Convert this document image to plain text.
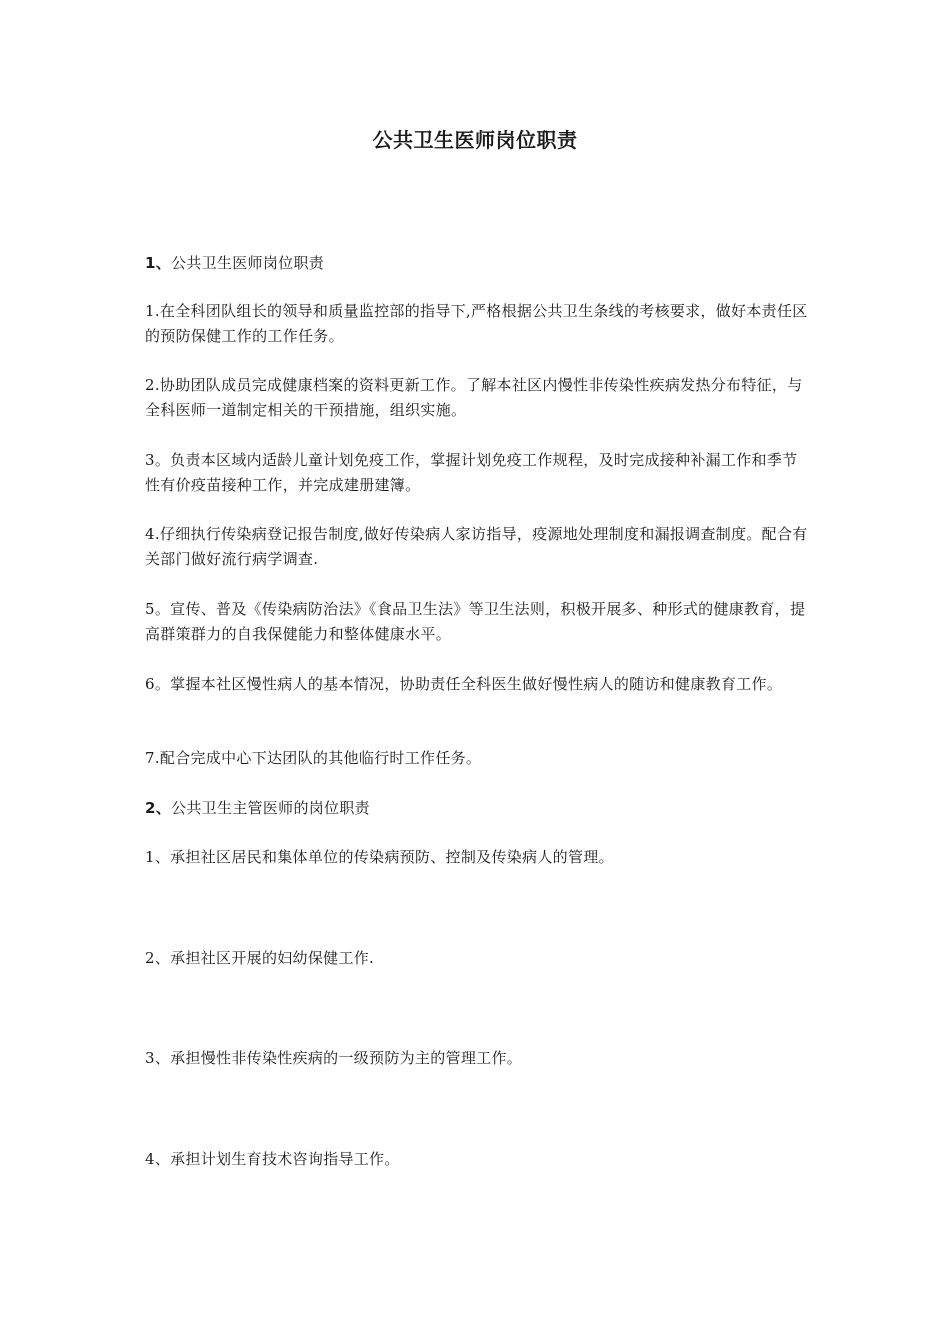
公共卫生医师岗位职责
1、公共卫生医师岗位职责
1.在全科团队组长的领导和质量监控部的指导下,严格根据公共卫生条线的考核要求，做好本责任区的预防保健工作的工作任务。
2.协助团队成员完成健康档案的资料更新工作。了解本社区内慢性非传染性疾病发热分布特征，与全科医师一道制定相关的干预措施，组织实施。
3。负责本区域内适龄儿童计划免疫工作，掌握计划免疫工作规程，及时完成接种补漏工作和季节性有价疫苗接种工作，并完成建册建簿。
4.仔细执行传染病登记报告制度,做好传染病人家访指导，疫源地处理制度和漏报调查制度。配合有关部门做好流行病学调查.
5。宣传、普及《传染病防治法》《食品卫生法》等卫生法则，积极开展多、种形式的健康教育，提高群策群力的自我保健能力和整体健康水平。
6。掌握本社区慢性病人的基本情况，协助责任全科医生做好慢性病人的随访和健康教育工作。
7.配合完成中心下达团队的其他临行时工作任务。
2、公共卫生主管医师的岗位职责
1、承担社区居民和集体单位的传染病预防、控制及传染病人的管理。
2、承担社区开展的妇幼保健工作.
3、承担慢性非传染性疾病的一级预防为主的管理工作。
4、承担计划生育技术咨询指导工作。
